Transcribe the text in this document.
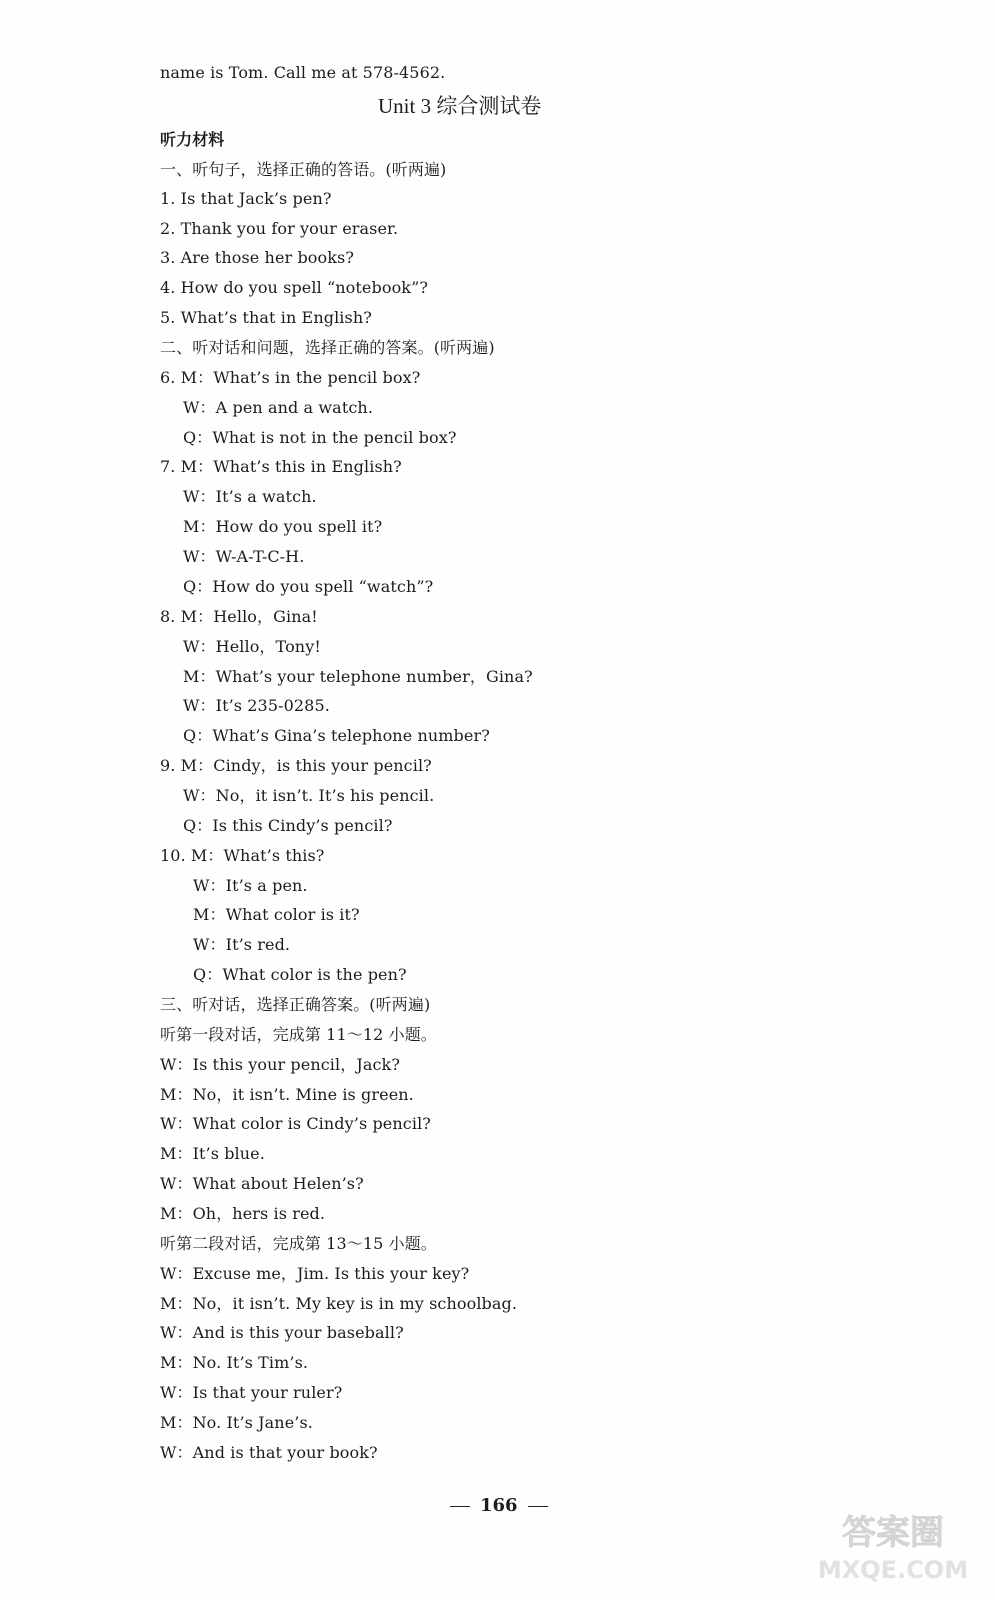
name is Tom. Call me at 578-4562.
Unit 3 综合测试卷
听力材料
一、听句子，选择正确的答语。(听两遍)
1. Is that Jack’s pen?
2. Thank you for your eraser.
3. Are those her books?
4. How do you spell “notebook”?
5. What’s that in English?
二、听对话和问题，选择正确的答案。(听两遍)
6. M：What’s in the pencil box?
W：A pen and a watch.
Q：What is not in the pencil box?
7. M：What’s this in English?
W：It’s a watch.
M：How do you spell it?
W：W-A-T-C-H.
Q：How do you spell “watch”?
8. M：Hello，Gina!
W：Hello，Tony!
M：What’s your telephone number，Gina?
W：It’s 235-0285.
Q：What’s Gina’s telephone number?
9. M：Cindy，is this your pencil?
W：No，it isn’t. It’s his pencil.
Q：Is this Cindy’s pencil?
10. M：What’s this?
W：It’s a pen.
M：What color is it?
W：It’s red.
Q：What color is the pen?
三、听对话，选择正确答案。(听两遍)
听第一段对话，完成第 11～12 小题。
W：Is this your pencil，Jack?
M：No，it isn’t. Mine is green.
W：What color is Cindy’s pencil?
M：It’s blue.
W：What about Helen’s?
M：Oh，hers is red.
听第二段对话，完成第 13～15 小题。
W：Excuse me，Jim. Is this your key?
M：No，it isn’t. My key is in my schoolbag.
W：And is this your baseball?
M：No. It’s Tim’s.
W：Is that your ruler?
M：No. It’s Jane’s.
W：And is that your book?
166
答案圈
MXQE.COM
